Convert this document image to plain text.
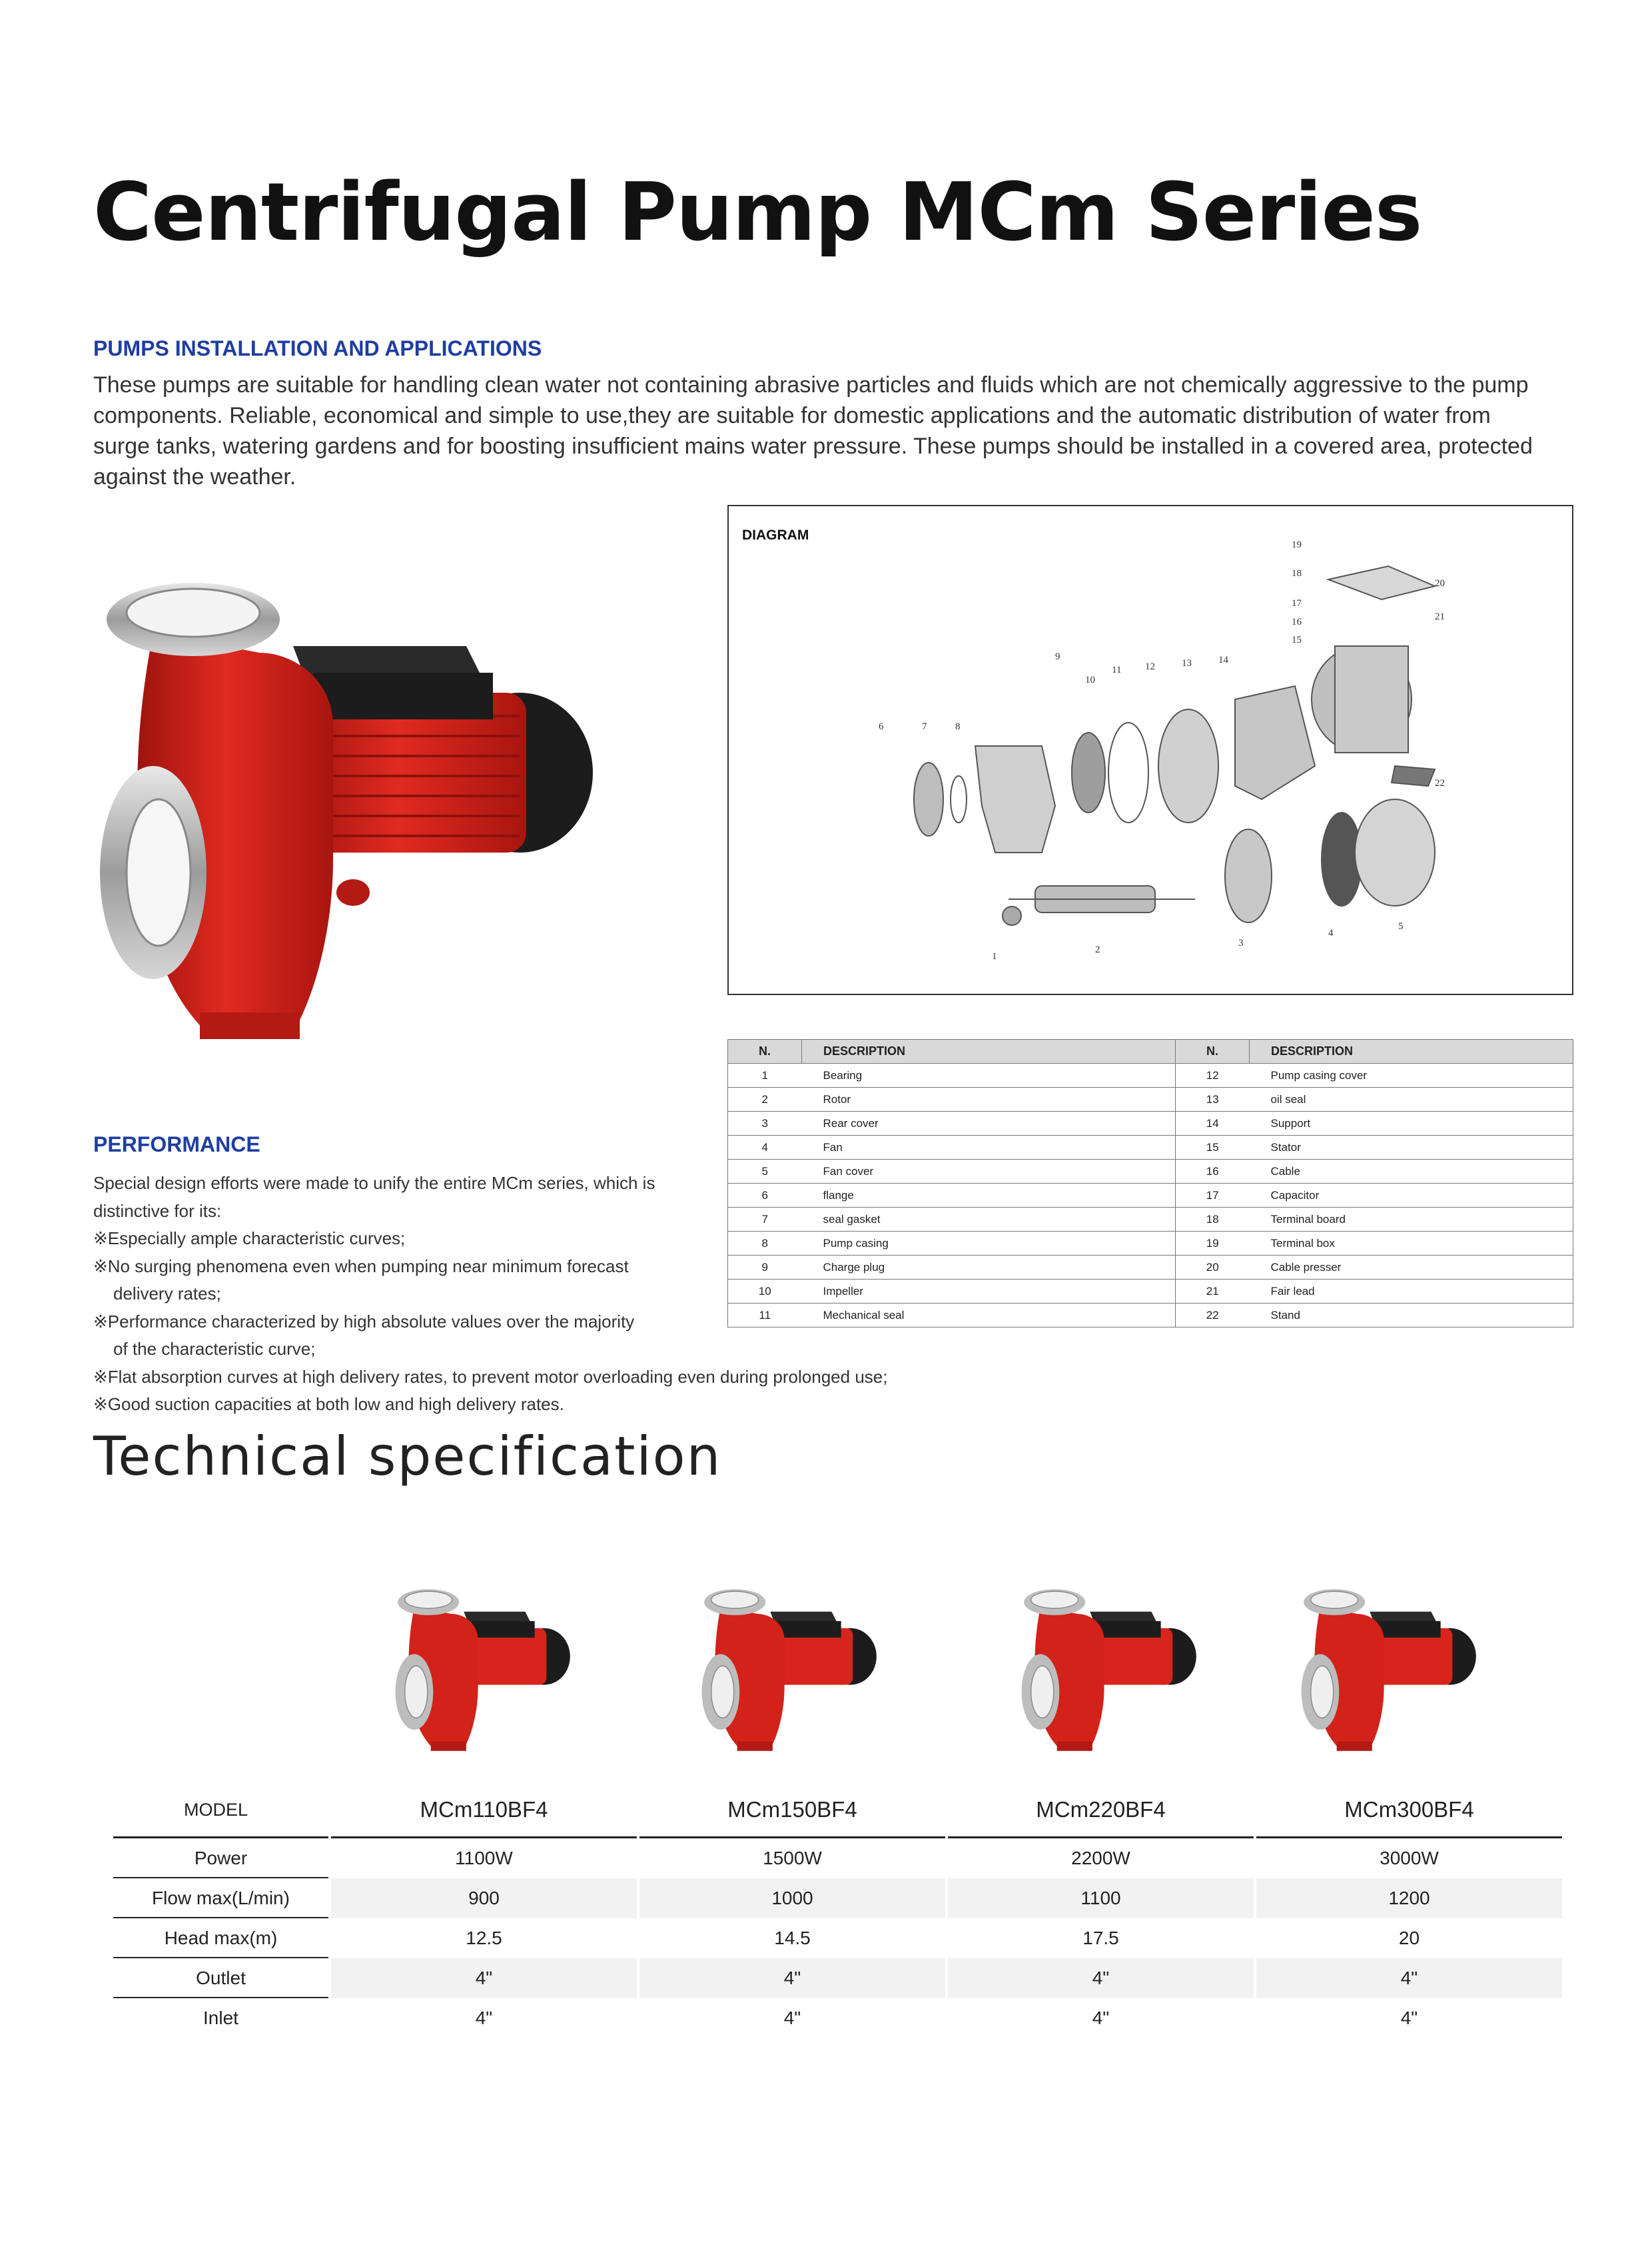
Centrifugal Pump MCm Series
PUMPS INSTALLATION AND APPLICATIONS

These pumps are suitable for handling clean water not containing abrasive particles and fluids which are not chemically aggressive to the pump components. Reliable, economical and simple to use,they are suitable for domestic applications and the automatic distribution of water from surge tanks, watering gardens and for boosting insufficient mains water pressure. These pumps should be installed in a covered area, protected against the weather.

1
2
3
4
5
6	7	8
9
10
11 12	13	14
15
16
17
18
19
20
21
22
DIAGRAM
N.	DESCRIPTION	N.	DESCRIPTION
1	Bearing	12	Pump casing cover
2	Rotor	13	oil seal
3	Rear cover	14	Support
4	Fan	15	Stator
5	Fan cover	16	Cable
6	flange	17	Capacitor
7	seal gasket	18	Terminal board
8	Pump casing	19	Terminal box
9	Charge plug	20	Cable presser
10	Impeller	21	Fair lead
11	Mechanical seal	22	Stand
PERFORMANCE
Special design efforts were made to unify the entire MCm series, which is
distinctive for its:
※Especially ample characteristic curves;
※No surging phenomena even when pumping near minimum forecast
delivery rates;
※Performance characterized by high absolute values over the majority
of the characteristic curve;
※Flat absorption curves at high delivery rates, to prevent motor overloading even during prolonged use;
※Good suction capacities at both low and high delivery rates.
Technical specification
MODEL	MCm110BF4	MCm150BF4	MCm220BF4	MCm300BF4
Power	1100W	1500W	2200W	3000W
Flow max(L/min)	900	1000	1100	1200
Head max(m)	12.5	14.5	17.5	20
Outlet	4"	4"	4"	4"
Inlet	4"	4"	4"	4"
